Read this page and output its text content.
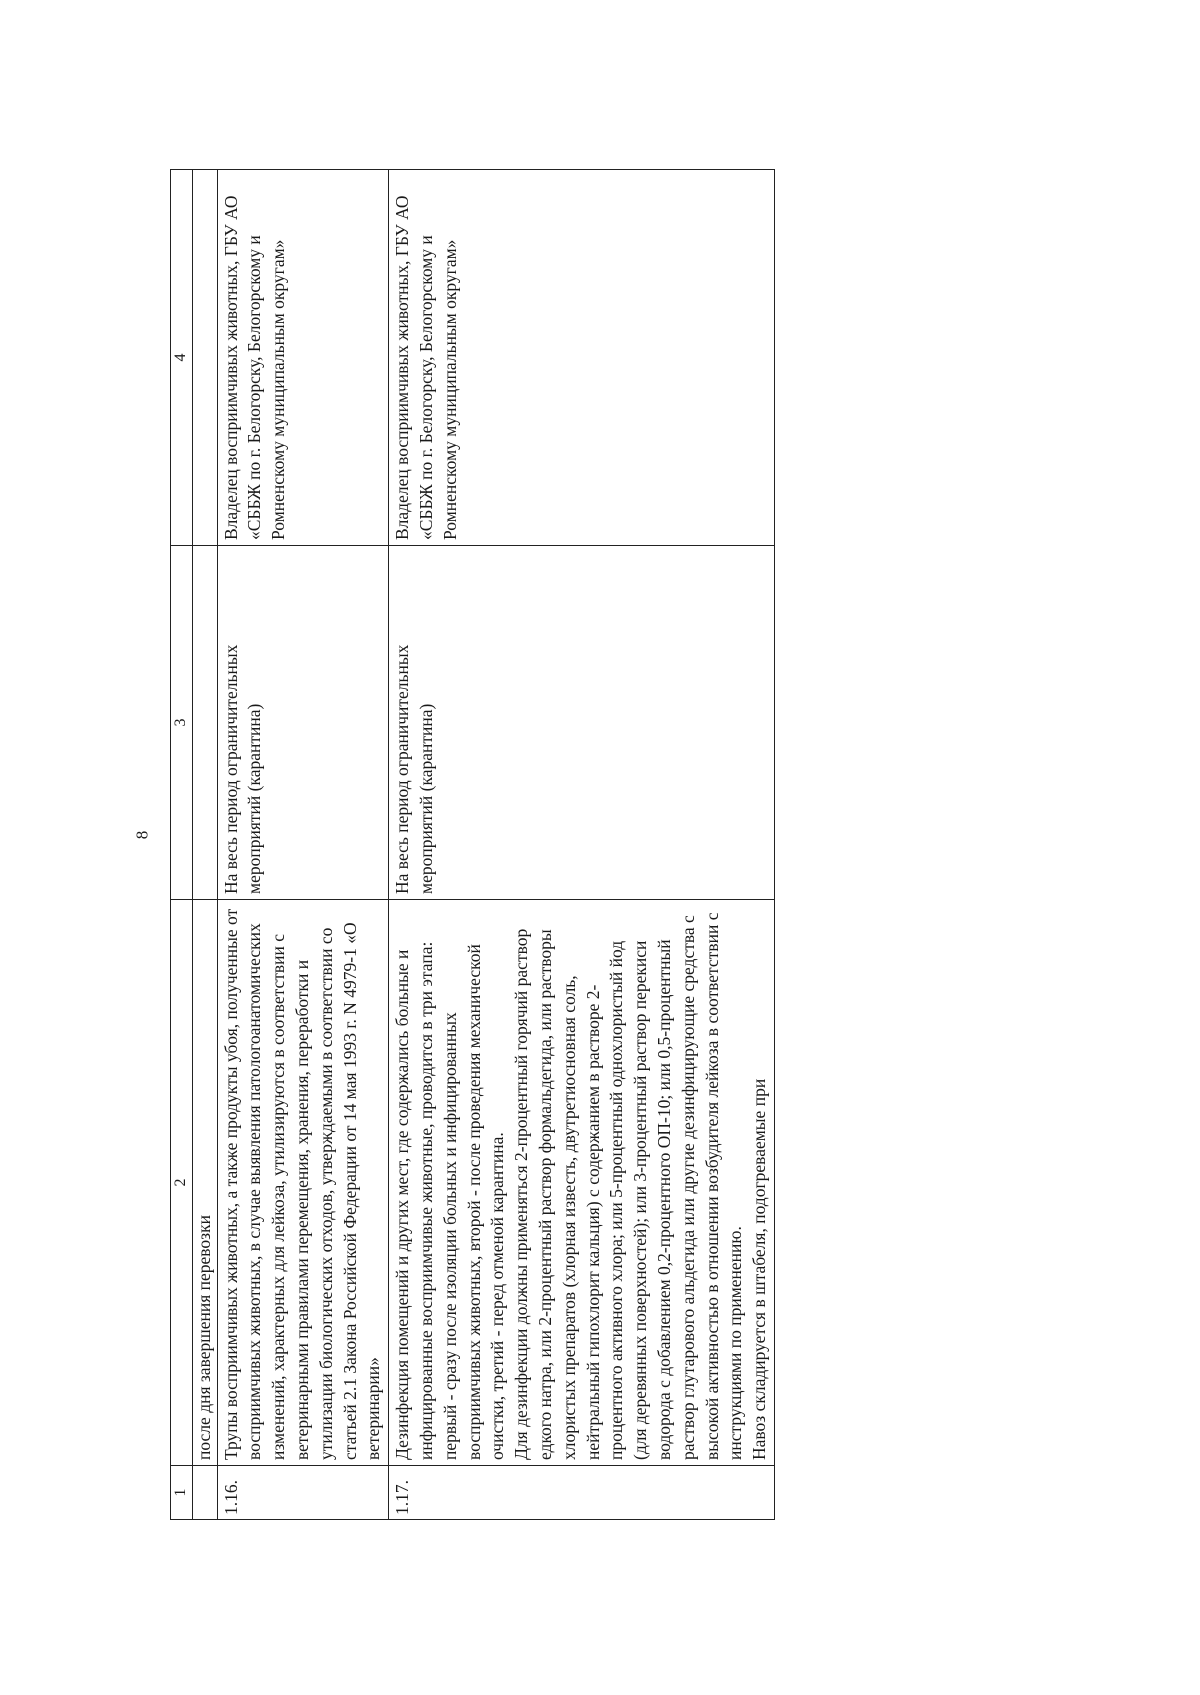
8
1	2	3	4
	после дня завершения перевозки		
1.16.	Трупы восприимчивых животных, а также продукты убоя, полученные от восприимчивых животных, в случае выявления патологоанатомических изменений, характерных для лейкоза, утилизируются в соответствии с ветеринарными правилами перемещения, хранения, переработки и утилизации биологических отходов, утверждаемыми в соответствии со статьей 2.1 Закона Российской Федерации от 14 мая 1993 г. N 4979-1 «О ветеринарии»	На весь период ограничительных мероприятий (карантина)	Владелец восприимчивых животных, ГБУ АО «СББЖ по г. Белогорску, Белогорскому и Ромненскому муниципальным округам»
1.17.	Дезинфекция помещений и других мест, где содержались больные и инфицированные восприимчивые животные, проводится в три этапа: первый - сразу после изоляции больных и инфицированных восприимчивых животных, второй - после проведения механической очистки, третий - перед отменой карантина. Для дезинфекции должны применяться 2-процентный горячий раствор едкого натра, или 2-процентный раствор формальдегида, или растворы хлористых препаратов (хлорная известь, двутретиосновная соль, нейтральный гипохлорит кальция) с содержанием в растворе 2-процентного активного хлора; или 5-процентный однохлористый йод (для деревянных поверхностей); или 3-процентный раствор перекиси водорода с добавлением 0,2-процентного ОП-10; или 0,5-процентный раствор глутарового альдегида или другие дезинфицирующие средства с высокой активностью в отношении возбудителя лейкоза в соответствии с инструкциями по применению. Навоз складируется в штабеля, подогреваемые при	На весь период ограничительных мероприятий (карантина)	Владелец восприимчивых животных, ГБУ АО «СББЖ по г. Белогорску, Белогорскому и Ромненскому муниципальным округам»
